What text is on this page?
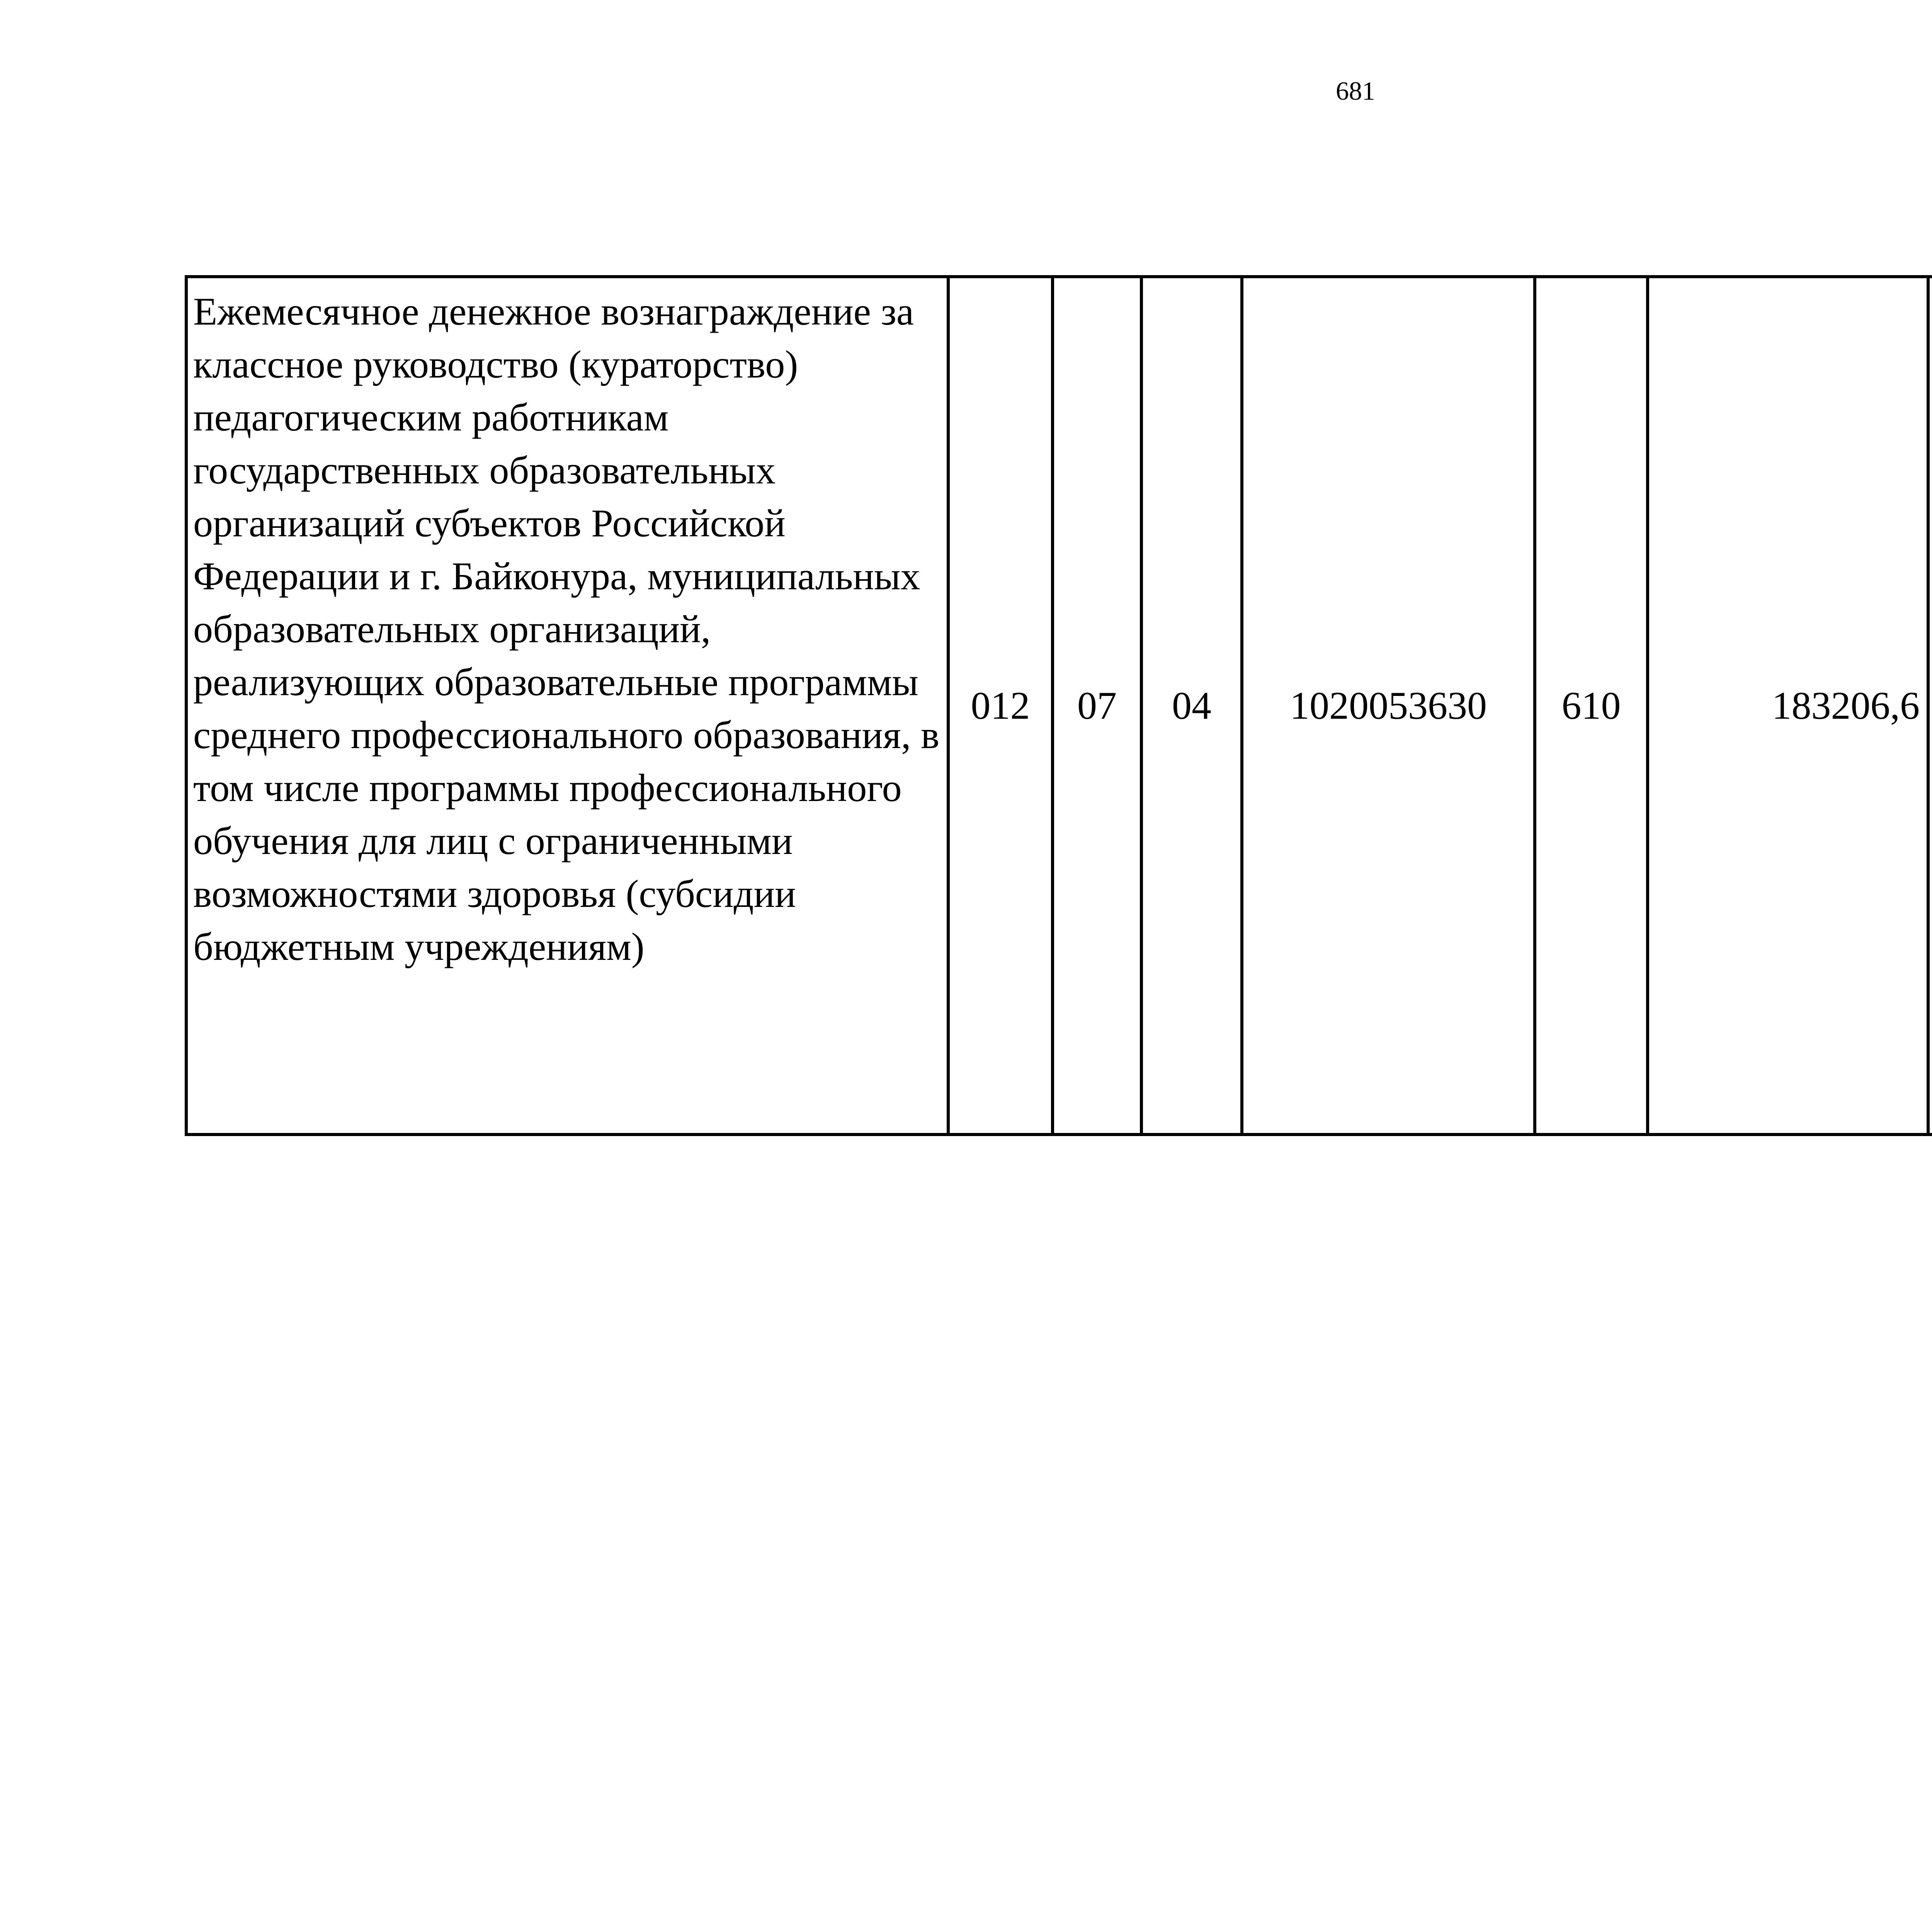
681
Ежемесячное денежное вознаграждение за классное руководство (кураторство) педагогическим работникам государственных образовательных организаций субъектов Российской Федерации и г. Байконура, муниципальных образовательных организаций, реализующих образовательные программы среднего профессионального образования, в том числе программы профессионального обучения для лиц с ограниченными возможностями здоровья (субсидии бюджетным учреждениям)	012	07	04	1020053630	610	183206,6		
